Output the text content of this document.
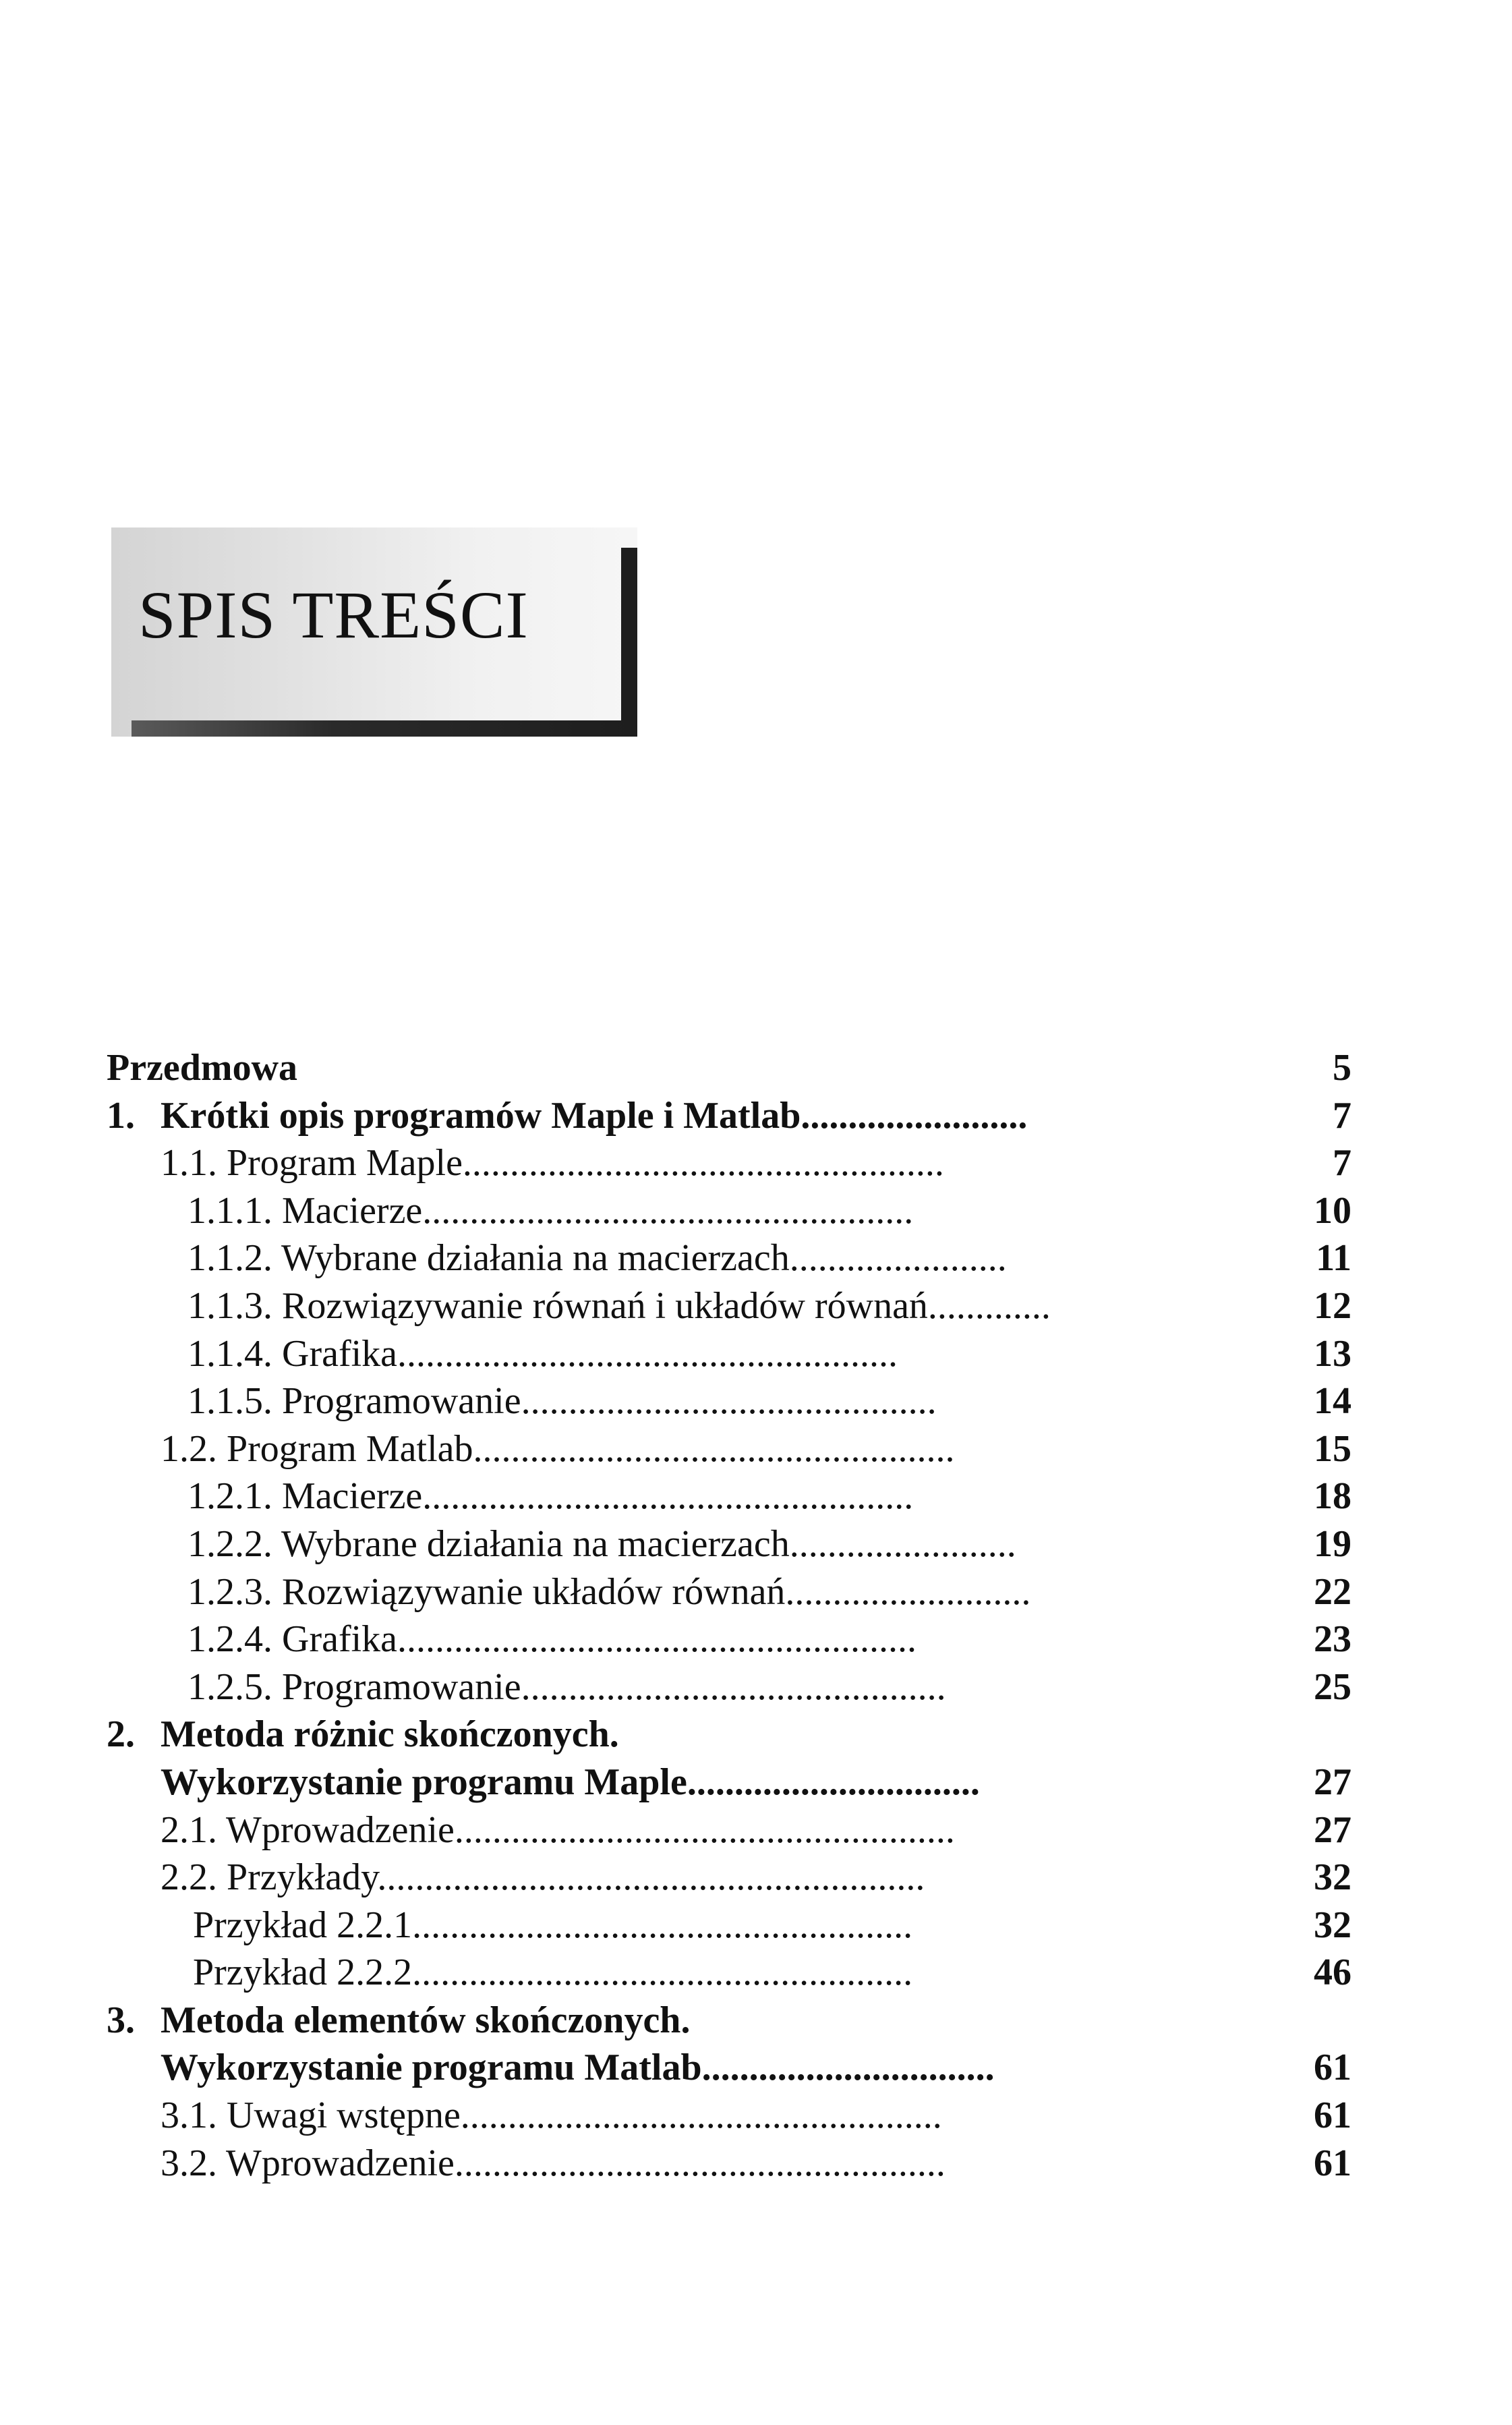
SPIS TREŚCI
Przedmowa	5
1. Krótki opis programów Maple i Matlab........................	7
1.1. Program Maple...................................................	7
1.1.1. Macierze....................................................	10
1.1.2. Wybrane działania na macierzach.......................	11
1.1.3. Rozwiązywanie równań i układów równań.............	12
1.1.4. Grafika.....................................................	13
1.1.5. Programowanie............................................	14
1.2. Program Matlab...................................................	15
1.2.1. Macierze....................................................	18
1.2.2. Wybrane działania na macierzach........................	19
1.2.3. Rozwiązywanie układów równań..........................	22
1.2.4. Grafika.......................................................	23
1.2.5. Programowanie.............................................	25
2. Metoda różnic skończonych.
Wykorzystanie programu Maple...............................	27
2.1. Wprowadzenie.....................................................	27
2.2. Przykłady..........................................................	32
Przykład 2.2.1.....................................................	32
Przykład 2.2.2.....................................................	46
3. Metoda elementów skończonych.
Wykorzystanie programu Matlab...............................	61
3.1. Uwagi wstępne...................................................	61
3.2. Wprowadzenie....................................................	61
